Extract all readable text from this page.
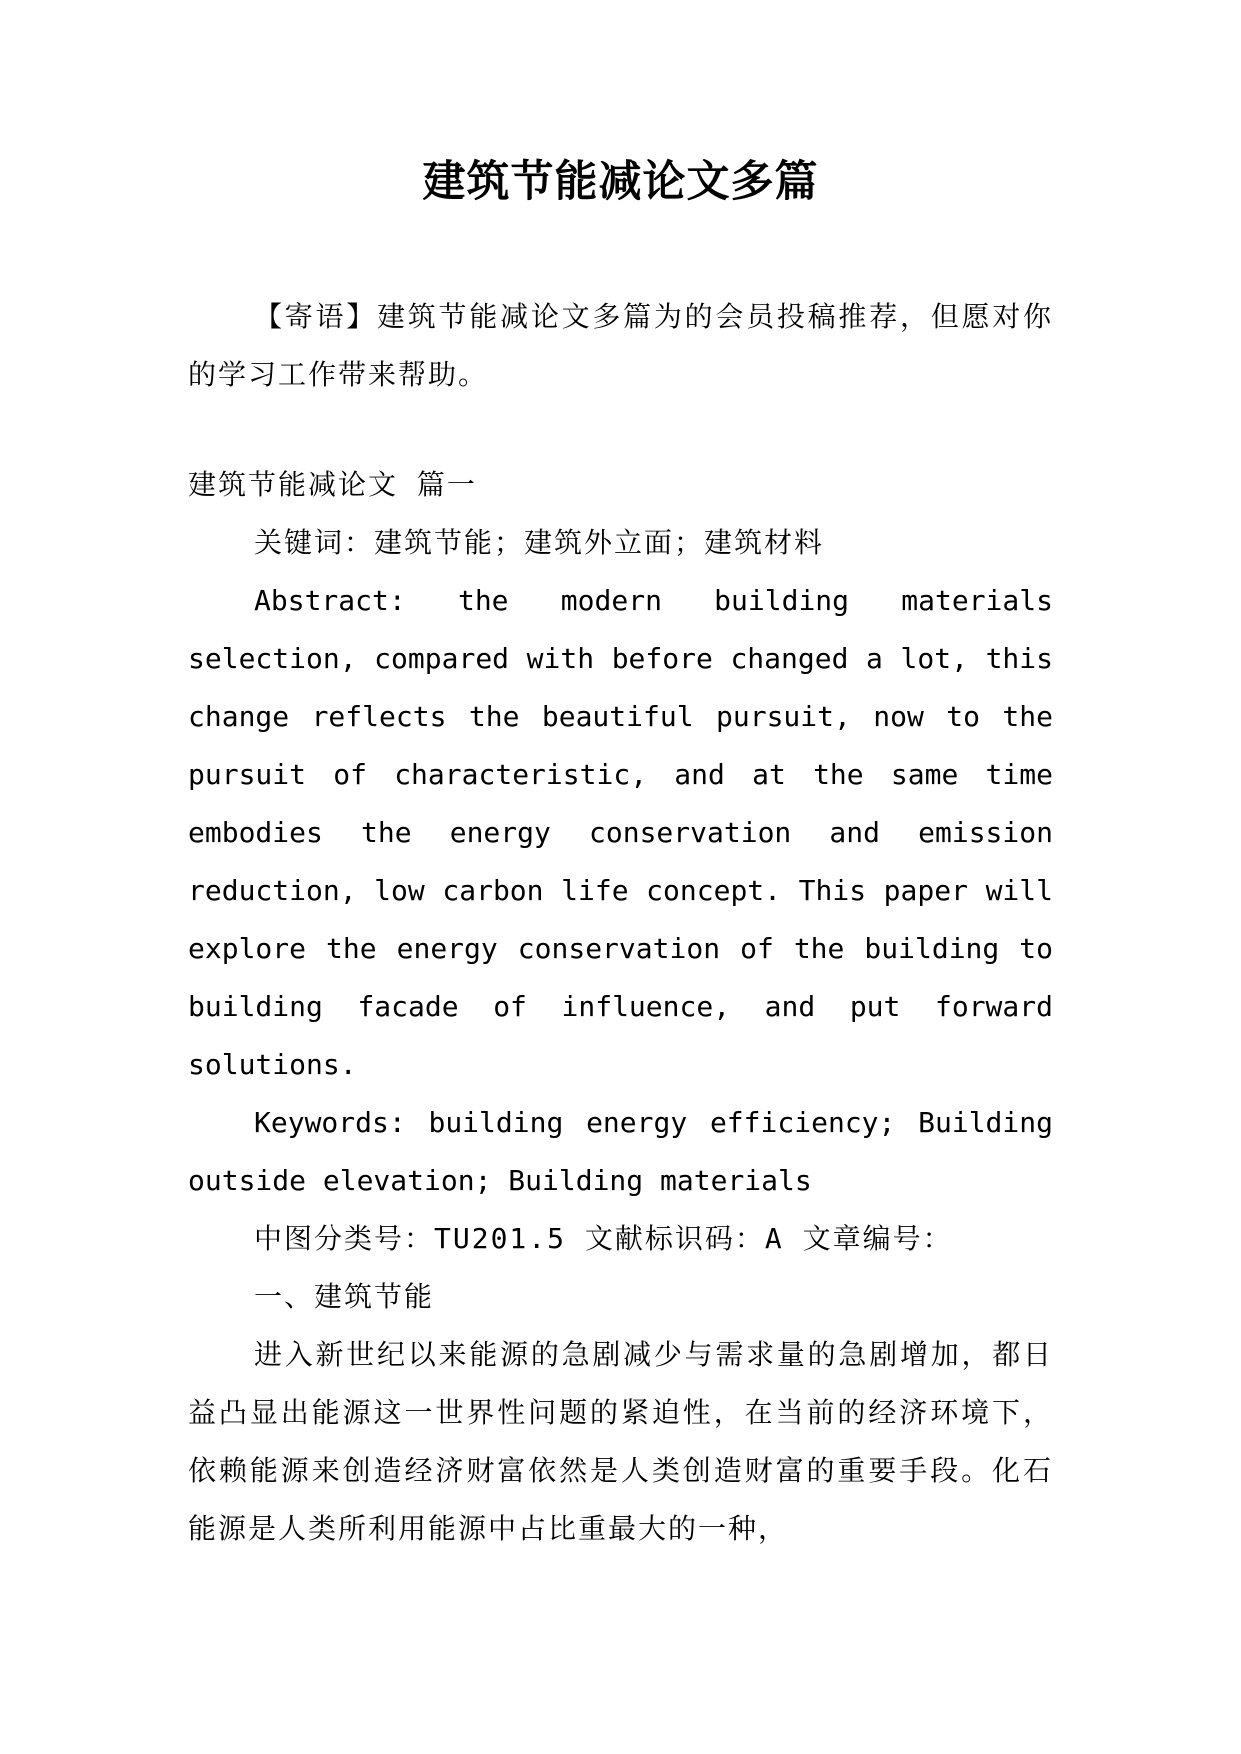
建筑节能减论文多篇

【寄语】建筑节能减论文多篇为的会员投稿推荐，但愿对你的学习工作带来帮助。

建筑节能减论文 篇一

关键词：建筑节能；建筑外立面；建筑材料

Abstract: the modern building materials selection, compared with before changed a lot, this change reflects the beautiful pursuit, now to the pursuit of characteristic, and at the same time embodies the energy conservation and emission reduction, low carbon life concept. This paper will explore the energy conservation of the building to building facade of influence, and put forward solutions.

Keywords: building energy efficiency; Building outside elevation; Building materials

中图分类号：TU201.5 文献标识码：A 文章编号：

一、建筑节能

进入新世纪以来能源的急剧减少与需求量的急剧增加，都日益凸显出能源这一世界性问题的紧迫性，在当前的经济环境下，依赖能源来创造经济财富依然是人类创造财富的重要手段。化石能源是人类所利用能源中占比重最大的一种，
